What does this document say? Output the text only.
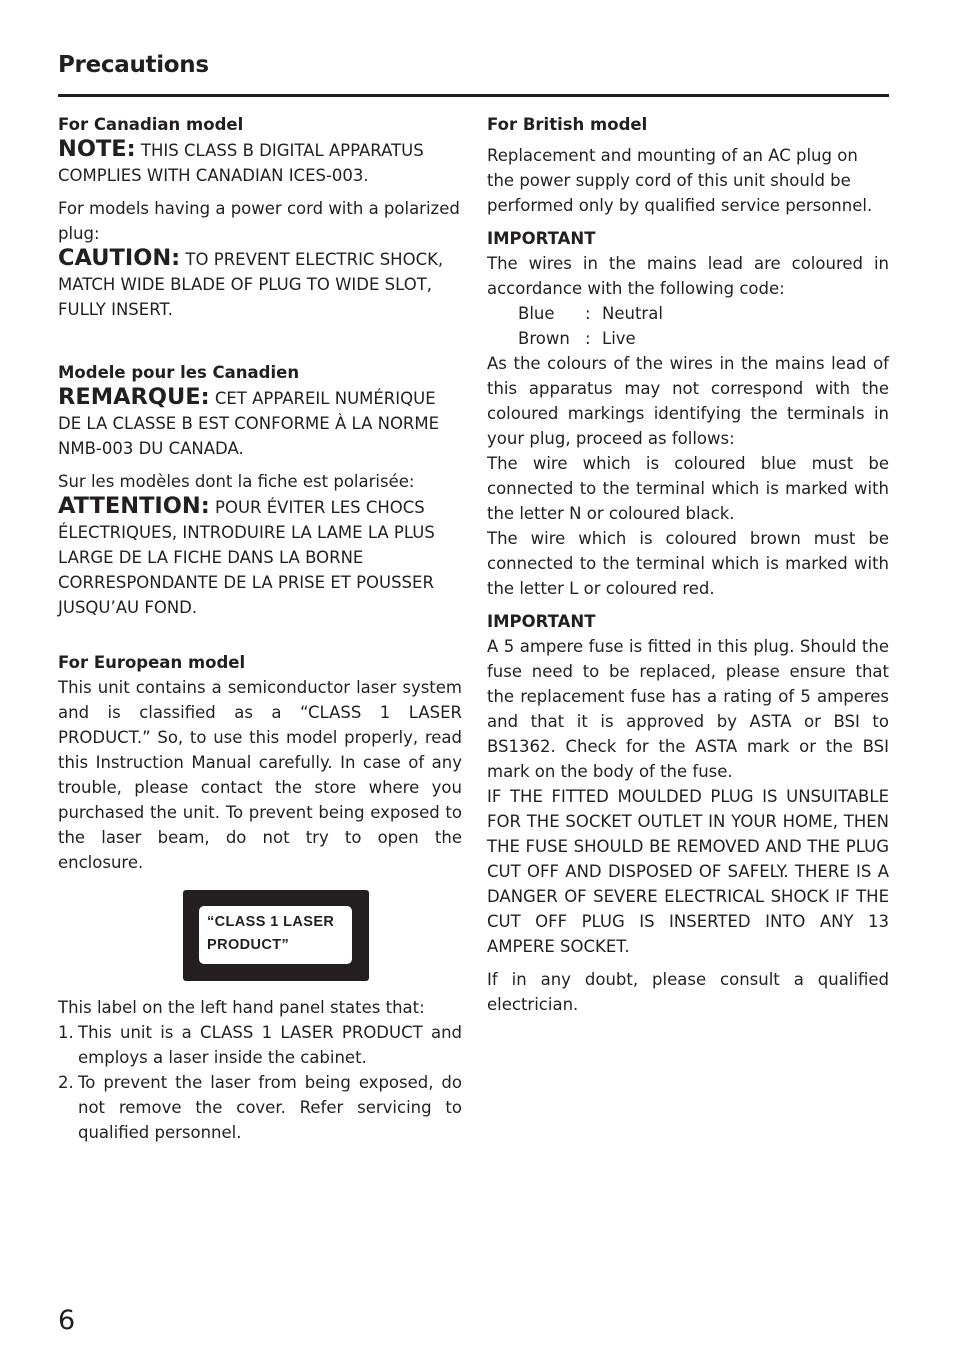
Precautions

For Canadian model

NOTE: THIS CLASS B DIGITAL APPARATUS COMPLIES WITH CANADIAN ICES-003.

For models having a power cord with a polarized plug:

CAUTION: TO PREVENT ELECTRIC SHOCK, MATCH WIDE BLADE OF PLUG TO WIDE SLOT, FULLY INSERT.

Modele pour les Canadien

REMARQUE: CET APPAREIL NUMÉRIQUE DE LA CLASSE B EST CONFORME À LA NORME NMB-003 DU CANADA.

Sur les modèles dont la fiche est polarisée:

ATTENTION: POUR ÉVITER LES CHOCS ÉLECTRIQUES, INTRODUIRE LA LAME LA PLUS LARGE DE LA FICHE DANS LA BORNE CORRESPONDANTE DE LA PRISE ET POUSSER JUSQU’AU FOND.

For European model

This unit contains a semiconductor laser system and is classified as a “CLASS 1 LASER PRODUCT.” So, to use this model properly, read this Instruction Manual carefully. In case of any trouble, please contact the store where you purchased the unit. To prevent being exposed to the laser beam, do not try to open the enclosure.

“CLASS 1 LASER
PRODUCT”

This label on the left hand panel states that:

1. This unit is a CLASS 1 LASER PRODUCT and employs a laser inside the cabinet.
2. To prevent the laser from being exposed, do not remove the cover. Refer servicing to qualified personnel.

For British model

Replacement and mounting of an AC plug on the power supply cord of this unit should be performed only by qualified service personnel.

IMPORTANT

The wires in the mains lead are coloured in accordance with the following code:

Blue	: Neutral
Brown : Live

As the colours of the wires in the mains lead of this apparatus may not correspond with the coloured markings identifying the terminals in your plug, proceed as follows:

The wire which is coloured blue must be connected to the terminal which is marked with the letter N or coloured black.

The wire which is coloured brown must be connected to the terminal which is marked with the letter L or coloured red.

IMPORTANT

A 5 ampere fuse is fitted in this plug. Should the fuse need to be replaced, please ensure that the replacement fuse has a rating of 5 amperes and that it is approved by ASTA or BSI to BS1362. Check for the ASTA mark or the BSI mark on the body of the fuse.

IF THE FITTED MOULDED PLUG IS UNSUITABLE FOR THE SOCKET OUTLET IN YOUR HOME, THEN THE FUSE SHOULD BE REMOVED AND THE PLUG CUT OFF AND DISPOSED OF SAFELY. THERE IS A DANGER OF SEVERE ELECTRICAL SHOCK IF THE CUT OFF PLUG IS INSERTED INTO ANY 13 AMPERE SOCKET.

If in any doubt, please consult a qualified electrician.

6
